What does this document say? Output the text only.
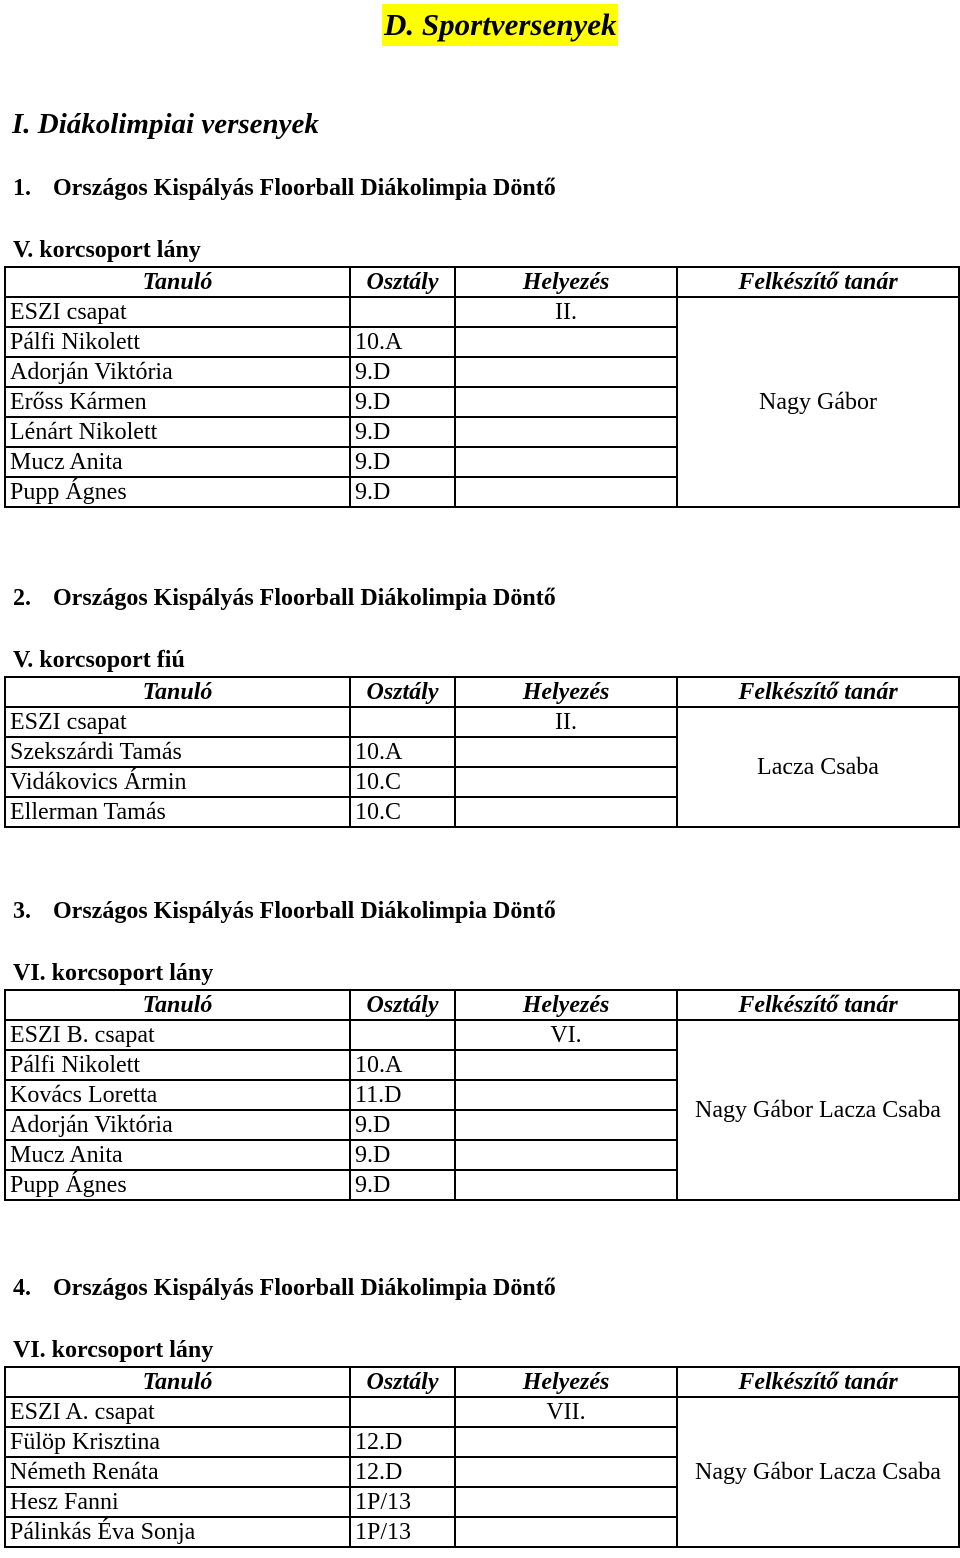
D. Sportversenyek
I. Diákolimpiai versenyek
1. Országos Kispályás Floorball Diákolimpia Döntő
V. korcsoport lány
Tanuló	Osztály	Helyezés	Felkészítő tanár
ESZI csapat		II.	Nagy Gábor
Pálfi Nikolett	10.A		
Adorján Viktória	9.D		
Erőss Kármen	9.D		
Lénárt Nikolett	9.D		
Mucz Anita	9.D		
Pupp Ágnes	9.D		
2. Országos Kispályás Floorball Diákolimpia Döntő
V. korcsoport fiú
Tanuló	Osztály	Helyezés	Felkészítő tanár
ESZI csapat		II.	Lacza Csaba
Szekszárdi Tamás	10.A		
Vidákovics Ármin	10.C		
Ellerman Tamás	10.C		
3. Országos Kispályás Floorball Diákolimpia Döntő
VI. korcsoport lány
Tanuló	Osztály	Helyezés	Felkészítő tanár
ESZI B. csapat		VI.	Nagy Gábor Lacza Csaba
Pálfi Nikolett	10.A		
Kovács Loretta	11.D		
Adorján Viktória	9.D		
Mucz Anita	9.D		
Pupp Ágnes	9.D		
4. Országos Kispályás Floorball Diákolimpia Döntő
VI. korcsoport lány
Tanuló	Osztály	Helyezés	Felkészítő tanár
ESZI A. csapat		VII.	Nagy Gábor Lacza Csaba
Fülöp Krisztina	12.D		
Németh Renáta	12.D		
Hesz Fanni	1P/13		
Pálinkás Éva Sonja	1P/13		
